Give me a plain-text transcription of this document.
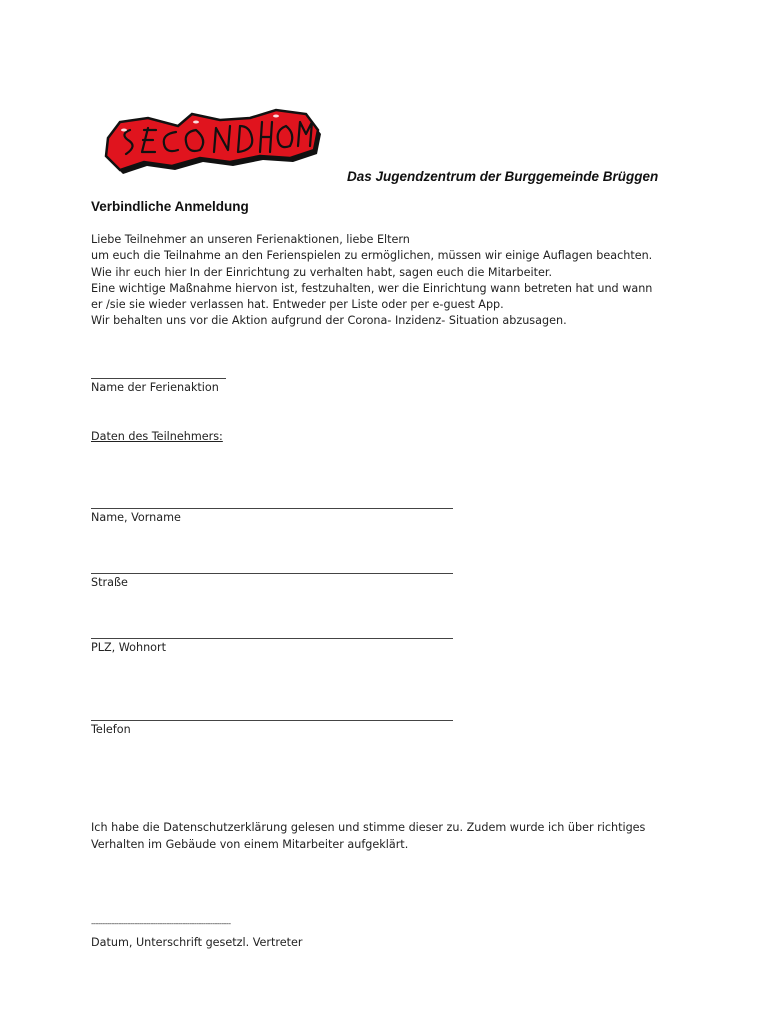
Das Jugendzentrum der Burggemeinde Brüggen
Verbindliche Anmeldung
Liebe Teilnehmer an unseren Ferienaktionen, liebe Eltern
um euch die Teilnahme an den Ferienspielen zu ermöglichen, müssen wir einige Auflagen beachten.
Wie ihr euch hier In der Einrichtung zu verhalten habt, sagen euch die Mitarbeiter.
Eine wichtige Maßnahme hiervon ist, festzuhalten, wer die Einrichtung wann betreten hat und wann
er /sie sie wieder verlassen hat. Entweder per Liste oder per e-guest App.
Wir behalten uns vor die Aktion aufgrund der Corona- Inzidenz- Situation abzusagen.
Name der Ferienaktion
Daten des Teilnehmers:
Name, Vorname
Straße
PLZ, Wohnort
Telefon
Ich habe die Datenschutzerklärung gelesen und stimme dieser zu. Zudem wurde ich über richtiges
Verhalten im Gebäude von einem Mitarbeiter aufgeklärt.
-------------------------------------------------------------
Datum, Unterschrift gesetzl. Vertreter
